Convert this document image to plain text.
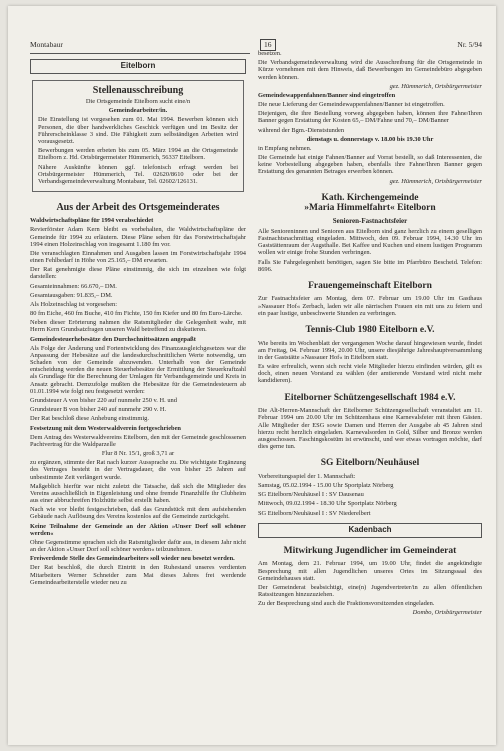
Montabaur	16	Nr. 5/94
Eitelborn
Stellenausschreibung

Die Ortsgemeinde Eitelborn sucht eine/n

Gemeindearbeiter/in.

Die Einstellung ist vorgesehen zum 01. Mai 1994. Bewerben können sich Personen, die über handwerkliches Geschick verfügen und im Besitz der Führerscheinklasse 3 sind. Die Fähigkeit zum selbständigen Arbeiten wird vorausgesetzt.

Bewerbungen werden erbeten bis zum 05. März 1994 an die Ortsgemeinde Eitelborn z. Hd. Ortsbürgermeister Hümmerich, 56337 Eitelborn.

Nähere Auskünfte können ggf. telefonisch erfragt werden bei Ortsbürgermeister Hümmerich, Tel. 02620/8610 oder bei der Verbandsgemeindeverwaltung Montabaur, Tel. 02602/126131.

Aus der Arbeit des Ortsgemeinderates

Waldwirtschaftspläne für 1994 verabschiedet

Revierförster Adam Kern bleibt es vorbehalten, die Waldwirtschaftspläne der Gemeinde für 1994 zu erläutern. Diese Pläne sehen für das Forstwirtschaftsjahr 1994 einen Holzeinschlag von insgesamt 1.180 fm vor.

Die veranschlagten Einnahmen und Ausgaben lassen im Forstwirtschaftsjahr 1994 einen Fehlbedarf in Höhe von 25.165,– DM erwarten.

Der Rat genehmigte diese Pläne einstimmig, die sich im einzelnen wie folgt darstellen:

Gesamteinnahmen: 66.670,– DM.

Gesamtausgaben: 91.835,– DM.

Als Holzeinschlag ist vorgesehen:

80 fm Eiche, 460 fm Buche, 410 fm Fichte, 150 fm Kiefer und 80 fm Euro-Lärche.

Neben dieser Erörterung nahmen die Ratsmitglieder die Gelegenheit wahr, mit Herrn Kern Grundsatzfragen unseren Wald betreffend zu diskutieren.

Gemeindesteuerhebesätze den Durchschnittssätzen angepaßt

Als Folge der Änderung und Fortentwicklung des Finanzausgleichgesetzes war die Anpassung der Hebesätze auf die landesdurchschnittlichen Werte notwendig, um Schaden von der Gemeinde abzuwenden. Unterhalb von der Gemeinde entscheidung werden die neuen Steuerhebesätze der Ermittlung der Steuerkraftzahl als Grundlage für die Berechnung der Umlagen für Verbandsgemeinde und Kreis in Ansatz gebracht. Demzufolge mußten die Hebesätze für die Gemeindesteuern ab 01.01.1994 wie folgt neu festgesetzt werden:

Grundsteuer A von bisher 220 auf nunmehr 250 v. H. und

Grundsteuer B von bisher 240 auf nunmehr 290 v. H.

Der Rat beschloß diese Anhebung einstimmig.

Festsetzung mit dem Westerwaldverein fortgeschrieben

Dem Antrag des Westerwaldvereins Eitelborn, den mit der Gemeinde geschlossenen Pachtvertrag für die Waldparzelle

Flur 8 Nr. 15/1, groß 3,71 ar

zu ergänzen, stimmte der Rat nach kurzer Aussprache zu. Die wichtigste Ergänzung des Vertrages besteht in der Vertragsdauer, die von bisher 25 Jahren auf unbestimmte Zeit verlängert wurde.

Maßgeblich hierfür war nicht zuletzt die Tatsache, daß sich die Mitglieder des Vereins ausschließlich in Eigenleistung und ohne fremde Finanzhilfe ihr Clubheim aus einer abbruchreifen Holzhütte selbst erstellt haben.

Nach wie vor bleibt festgeschrieben, daß das Grundstück mit dem aufstehenden Gebäude nach Auflösung des Vereins kostenlos auf die Gemeinde zurückgeht.

Keine Teilnahme der Gemeinde an der Aktion »Unser Dorf soll schöner werden«

Ohne Gegenstimme sprachen sich die Ratsmitglieder dafür aus, in diesem Jahr nicht an der Aktion »Unser Dorf soll schöner werden« teilzunehmen.

Freiwerdende Stelle des Gemeindearbeiters soll wieder neu besetzt werden.

Der Rat beschloß, die durch Eintritt in den Ruhestand unseres verdienten Mitarbeiters Werner Schneider zum Mai dieses Jahres frei werdende Gemeindearbeiterstelle wieder neu zu

besetzen.

Die Verbandsgemeindeverwaltung wird die Ausschreibung für die Ortsgemeinde in Kürze vornehmen mit dem Hinweis, daß Bewerbungen im Gemeindebüro abgegeben werden können.

gez. Hümmerich, Ortsbürgermeister

Gemeindewappenfahnen/Banner sind eingetroffen

Die neue Lieferung der Gemeindewappenfahnen/Banner ist eingetroffen.

Diejenigen, die ihre Bestellung vorweg abgegeben haben, können ihre Fahne/Ihren Banner gegen Erstattung der Kosten 65,– DM/Fahne und 70,– DM/Banner

während der Bgm.-Dienststunden

dienstags u. donnerstags v. 18.00 bis 19.30 Uhr

in Empfang nehmen.

Die Gemeinde hat einige Fahnen/Banner auf Vorrat bestellt, so daß Interessenten, die keine Vorbestellung abgegeben haben, ebenfalls ihre Fahne/Ihren Banner gegen Erstattung des genannten Betrages erwerben können.

gez. Hümmerich, Ortsbürgermeister

Kath. Kirchengemeinde
»Maria Himmelfahrt« Eitelborn
Senioren-Fastnachtsfeier

Alle Senioreninnen und Senioren aus Eitelborn sind ganz herzlich zu einem geselligen Fastnachtsnachmittag eingeladen. Mittwoch, den 09. Februar 1994, 14.30 Uhr im Gaststättenraum der Augsthalle. Bei Kaffee und Kuchen und einem lustigen Programm wollen wir einige frohe Stunden verbringen.

Falls Sie Fahrgelegenheit benötigen, sagen Sie bitte im Pfarrbüro Bescheid. Telefon: 8696.

Frauengemeinschaft Eitelborn

Zur Fastnachtsfeier am Montag, dem 07. Februar um 19.00 Uhr im Gasthaus »Nassauer Hof« Zerbach, laden wir alle närrischen Frauen ein mit uns zu feiern und ein paar lustige, unbeschwerte Stunden zu verbringen.

Tennis-Club 1980 Eitelborn e.V.

Wie bereits im Wochenblatt der vergangenen Woche darauf hingewiesen wurde, findet am Freitag, 04. Februar 1994, 20.00 Uhr, unsere diesjährige Jahreshauptversammlung in der Gaststätte »Nassauer Hof« in Eitelborn statt.

Es wäre erfreulich, wenn sich recht viele Mitglieder hierzu einfinden würden, gilt es doch, einen neuen Vorstand zu wählen (der amtierende Vorstand wird nicht mehr kandidieren).

Eitelborner Schützengesellschaft 1984 e.V.

Die Alt-Herren-Mannschaft der Eitelborner Schützengesellschaft veranstaltet am 11. Februar 1994 um 20.00 Uhr im Schützenhaus eine Karnevalsfeier mit ihren Gästen. Alle Mitglieder der ESG sowie Damen und Herren der Ausgabe ab 45 Jahren sind hierzu recht herzlich eingeladen. Karnevalsorden in Gold, Silber und Bronze werden ausgeschossen. Faschingskostüm ist erwünscht, und wer etwas vortragen möchte, darf dies gerne tun.

SG Eitelborn/Neuhäusel

Vorbereitungsspiel der 1. Mannschaft:

Samstag, 05.02.1994 - 15.00 Uhr Sportplatz Nörberg

SG Eitelborn/Neuhäusel I : SV Dausenau

Mittwoch, 09.02.1994 - 18.30 Uhr Sportplatz Nörberg

SG Eitelborn/Neuhäusel I : SV Niederelbert

Kadenbach
Mitwirkung Jugendlicher im Gemeinderat

Am Montag, dem 21. Februar 1994, um 19.00 Uhr, findet die angekündigte Besprechung mit allen Jugendlichen unseres Ortes im Sitzungssaal des Gemeindehauses statt.

Der Gemeinderat beabsichtigt, eine(n) Jugendvertreter/in zu allen öffentlichen Ratssitzungen hinzuzuziehen.

Zu der Besprechung sind auch die Fraktionsvorsitzenden eingeladen.

Dombo, Ortsbürgermeister
